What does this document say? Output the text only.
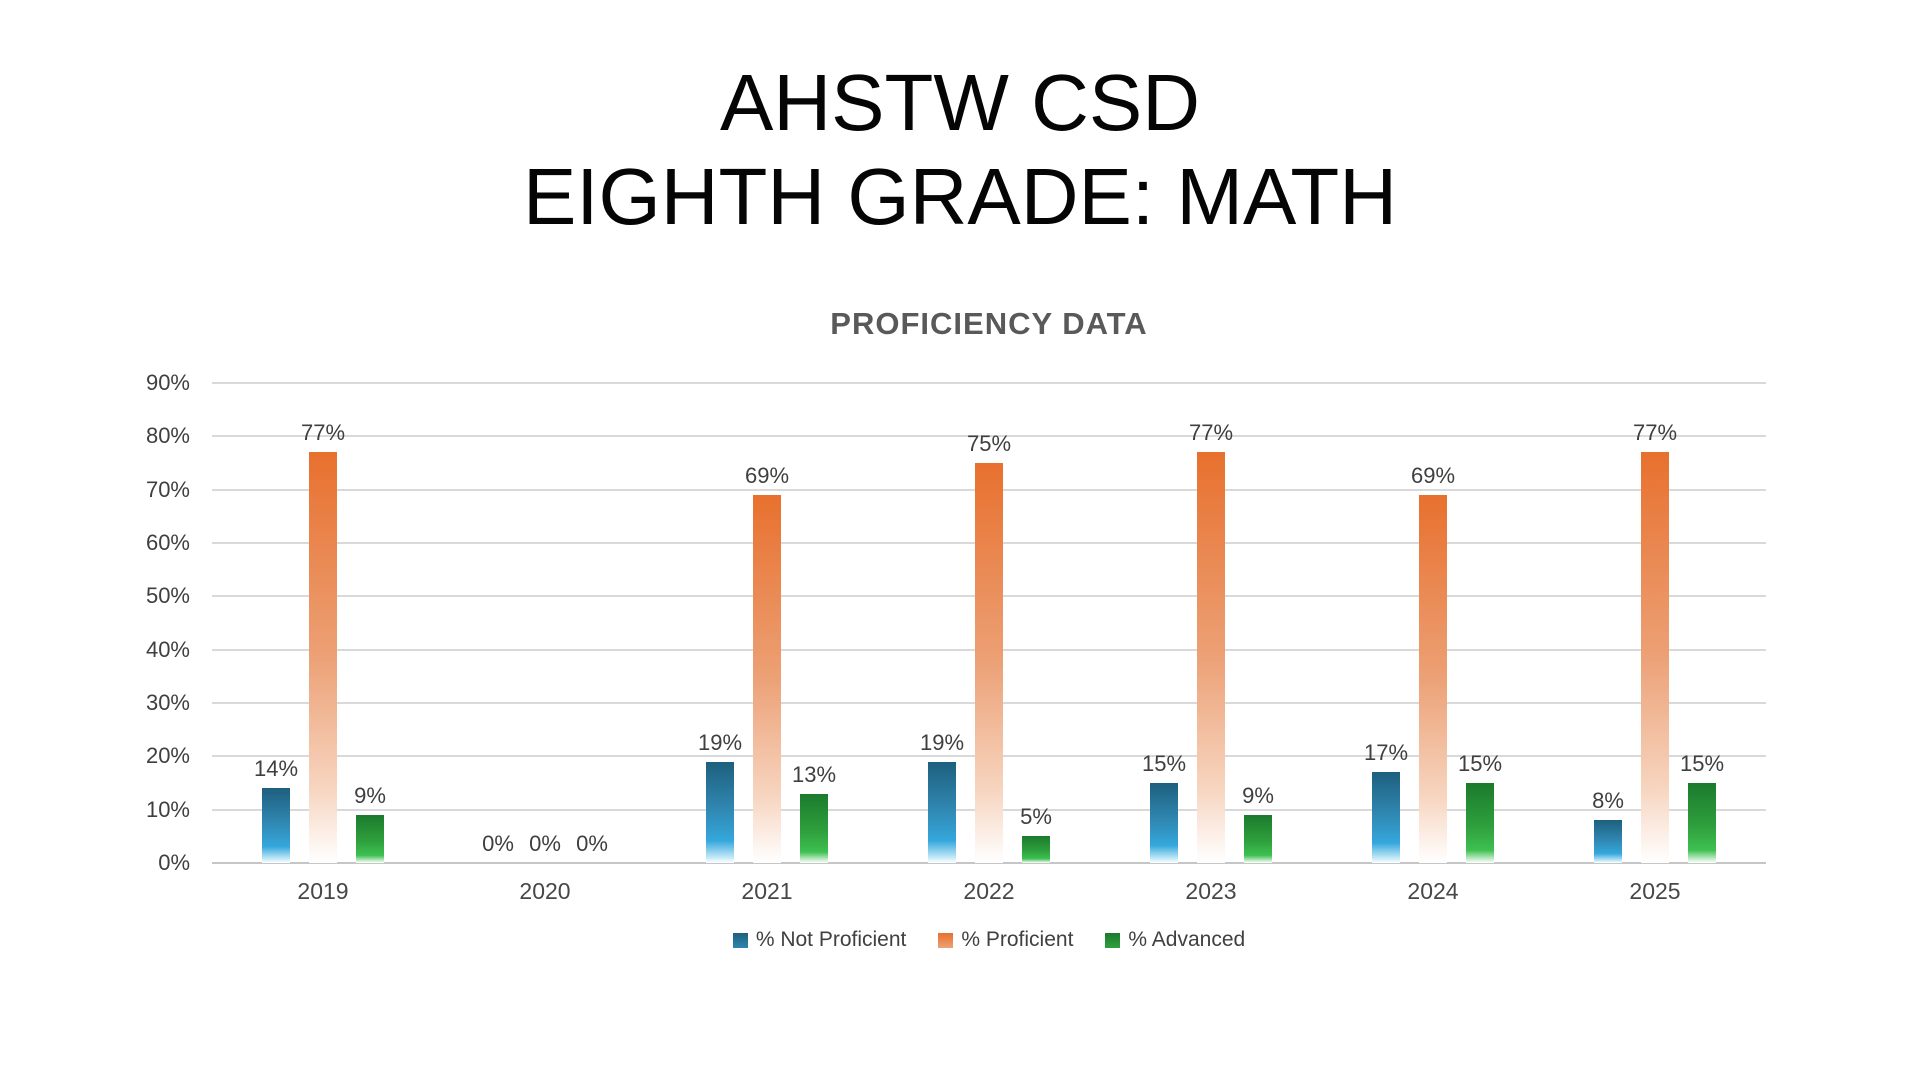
AHSTW CSD
EIGHTH GRADE: MATH
PROFICIENCY DATA
90%
80%
70%
60%
50%
40%
30%
20%
10%
0%
14%
77%
9%
0% 0% 0%
19%
69%
13%
19%
75%
5%
15%
77%
9%
17%
69%
15%
8%
77%
15%
2019	2020	2021	2022	2023	2024	2025
% Not Proficient	% Proficient	% Advanced
